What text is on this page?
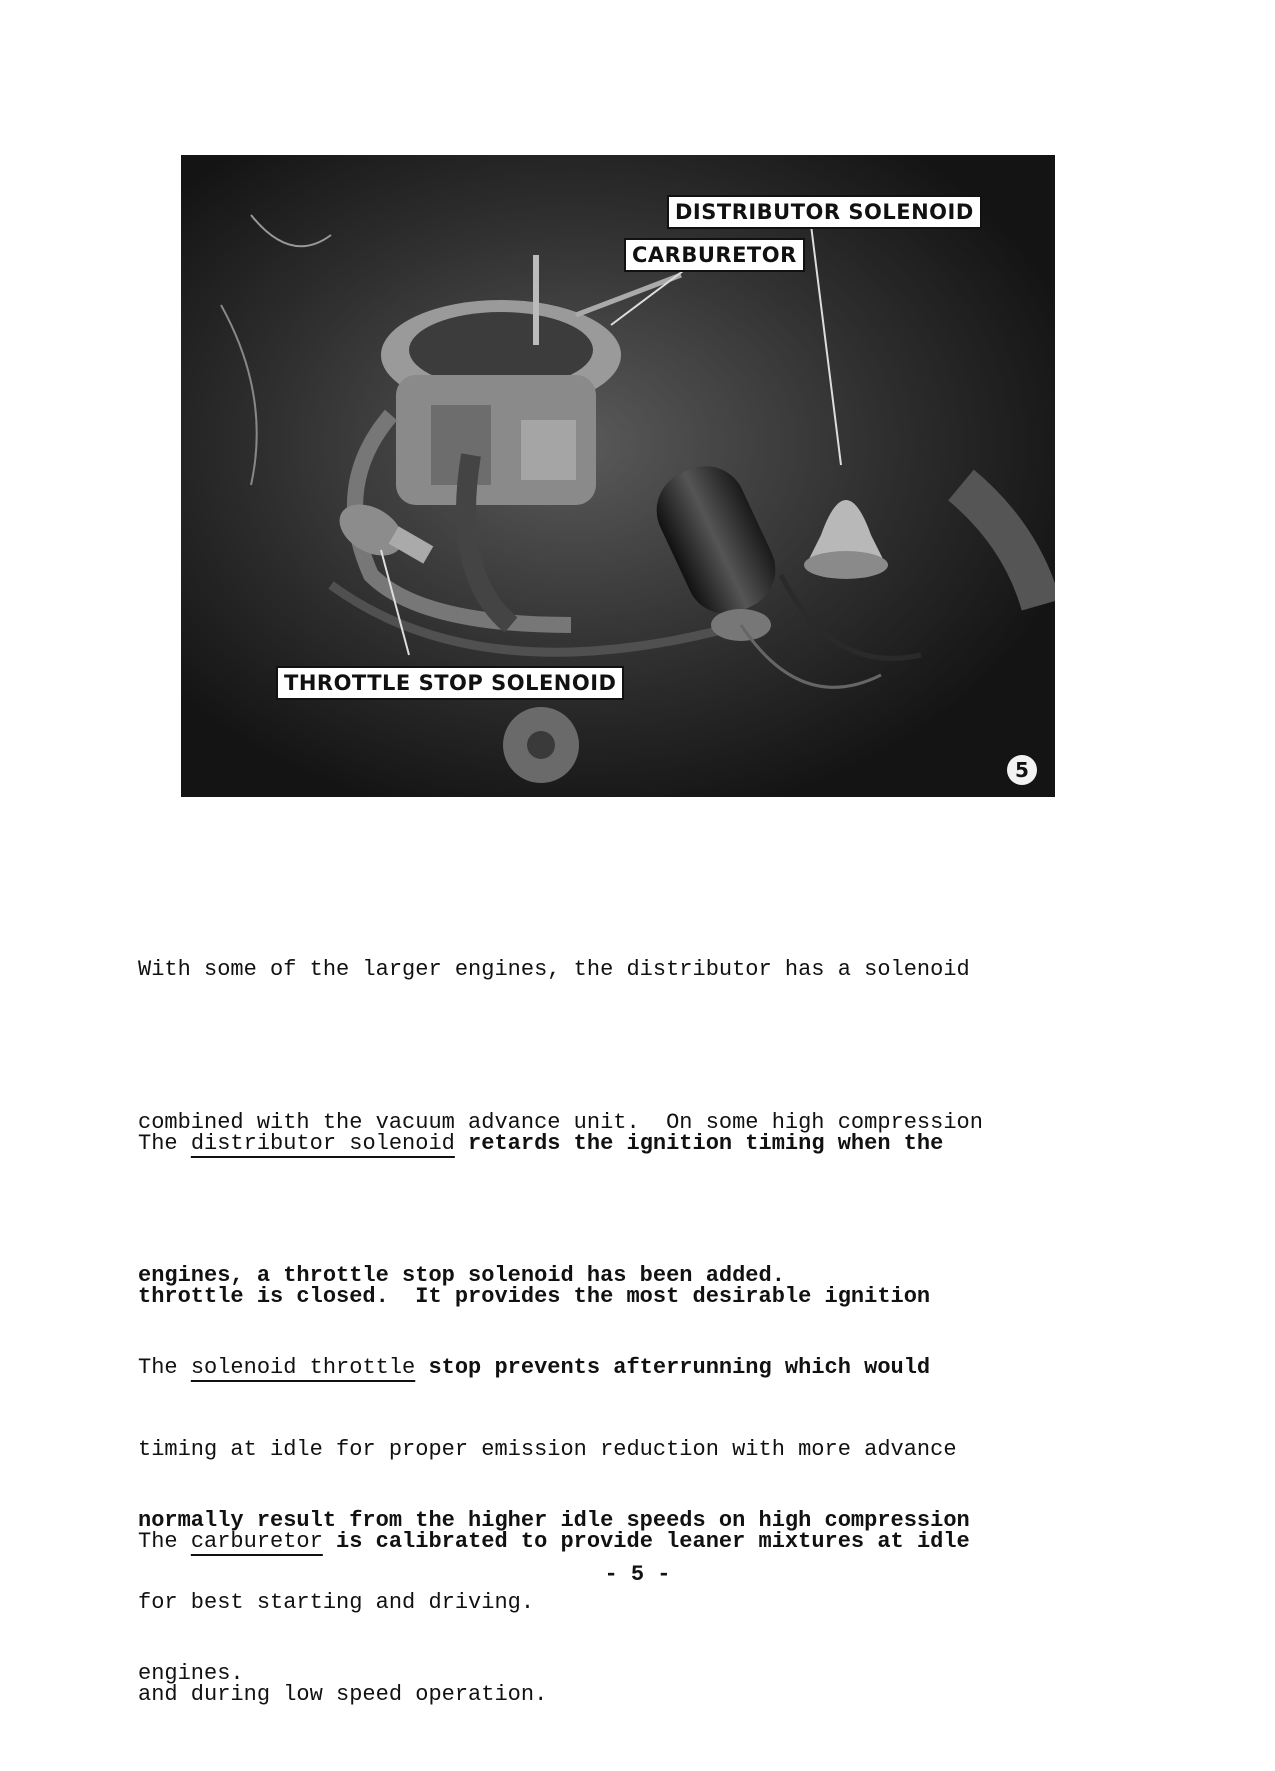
DISTRIBUTOR SOLENOID
CARBURETOR
THROTTLE STOP SOLENOID
5

With some of the larger engines, the distributor has a solenoid

combined with the vacuum advance unit.  On some high compression

engines, a throttle stop solenoid has been added.

The distributor solenoid retards the ignition timing when the

throttle is closed.  It provides the most desirable ignition

timing at idle for proper emission reduction with more advance

for best starting and driving.

The solenoid throttle stop prevents afterrunning which would

normally result from the higher idle speeds on high compression

engines.

The carburetor is calibrated to provide leaner mixtures at idle

and during low speed operation.

- 5 -
